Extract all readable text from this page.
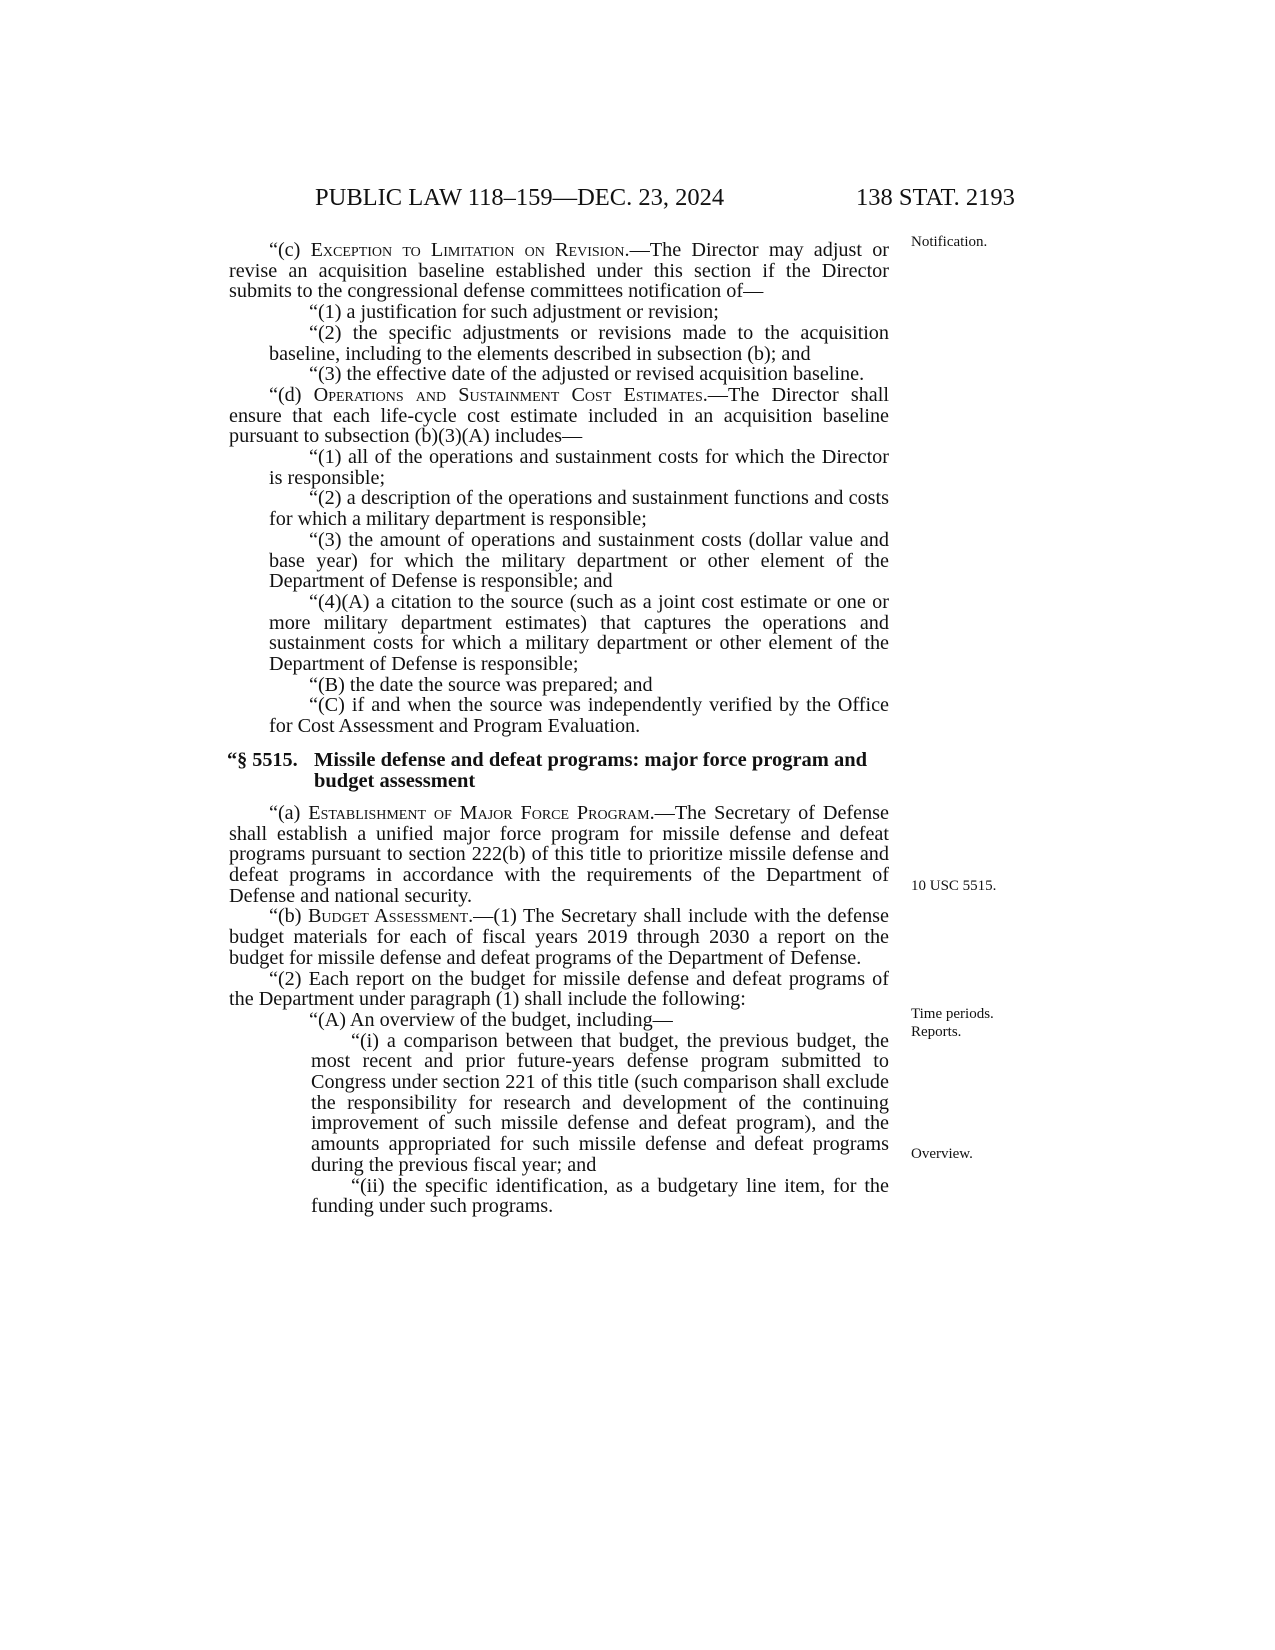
PUBLIC LAW 118–159—DEC. 23, 2024	138 STAT. 2193
Notification.
10 USC 5515.
Time periods.
Reports.
Overview.

“(c) Exception to Limitation on Revision.—The Director may adjust or revise an acquisition baseline established under this section if the Director submits to the congressional defense committees notification of—

“(1) a justification for such adjustment or revision;

“(2) the specific adjustments or revisions made to the acquisition baseline, including to the elements described in subsection (b); and

“(3) the effective date of the adjusted or revised acquisition baseline.

“(d) Operations and Sustainment Cost Estimates.—The Director shall ensure that each life-cycle cost estimate included in an acquisition baseline pursuant to subsection (b)(3)(A) includes—

“(1) all of the operations and sustainment costs for which the Director is responsible;

“(2) a description of the operations and sustainment functions and costs for which a military department is responsible;

“(3) the amount of operations and sustainment costs (dollar value and base year) for which the military department or other element of the Department of Defense is responsible; and

“(4)(A) a citation to the source (such as a joint cost estimate or one or more military department estimates) that captures the operations and sustainment costs for which a military department or other element of the Department of Defense is responsible;

“(B) the date the source was prepared; and

“(C) if and when the source was independently verified by the Office for Cost Assessment and Program Evaluation.

“§ 5515. Missile defense and defeat programs: major force program and budget assessment

“(a) Establishment of Major Force Program.—The Secretary of Defense shall establish a unified major force program for missile defense and defeat programs pursuant to section 222(b) of this title to prioritize missile defense and defeat programs in accordance with the requirements of the Department of Defense and national security.

“(b) Budget Assessment.—(1) The Secretary shall include with the defense budget materials for each of fiscal years 2019 through 2030 a report on the budget for missile defense and defeat programs of the Department of Defense.

“(2) Each report on the budget for missile defense and defeat programs of the Department under paragraph (1) shall include the following:

“(A) An overview of the budget, including—

“(i) a comparison between that budget, the previous budget, the most recent and prior future-years defense program submitted to Congress under section 221 of this title (such comparison shall exclude the responsibility for research and development of the continuing improvement of such missile defense and defeat program), and the amounts appropriated for such missile defense and defeat programs during the previous fiscal year; and

“(ii) the specific identification, as a budgetary line item, for the funding under such programs.
